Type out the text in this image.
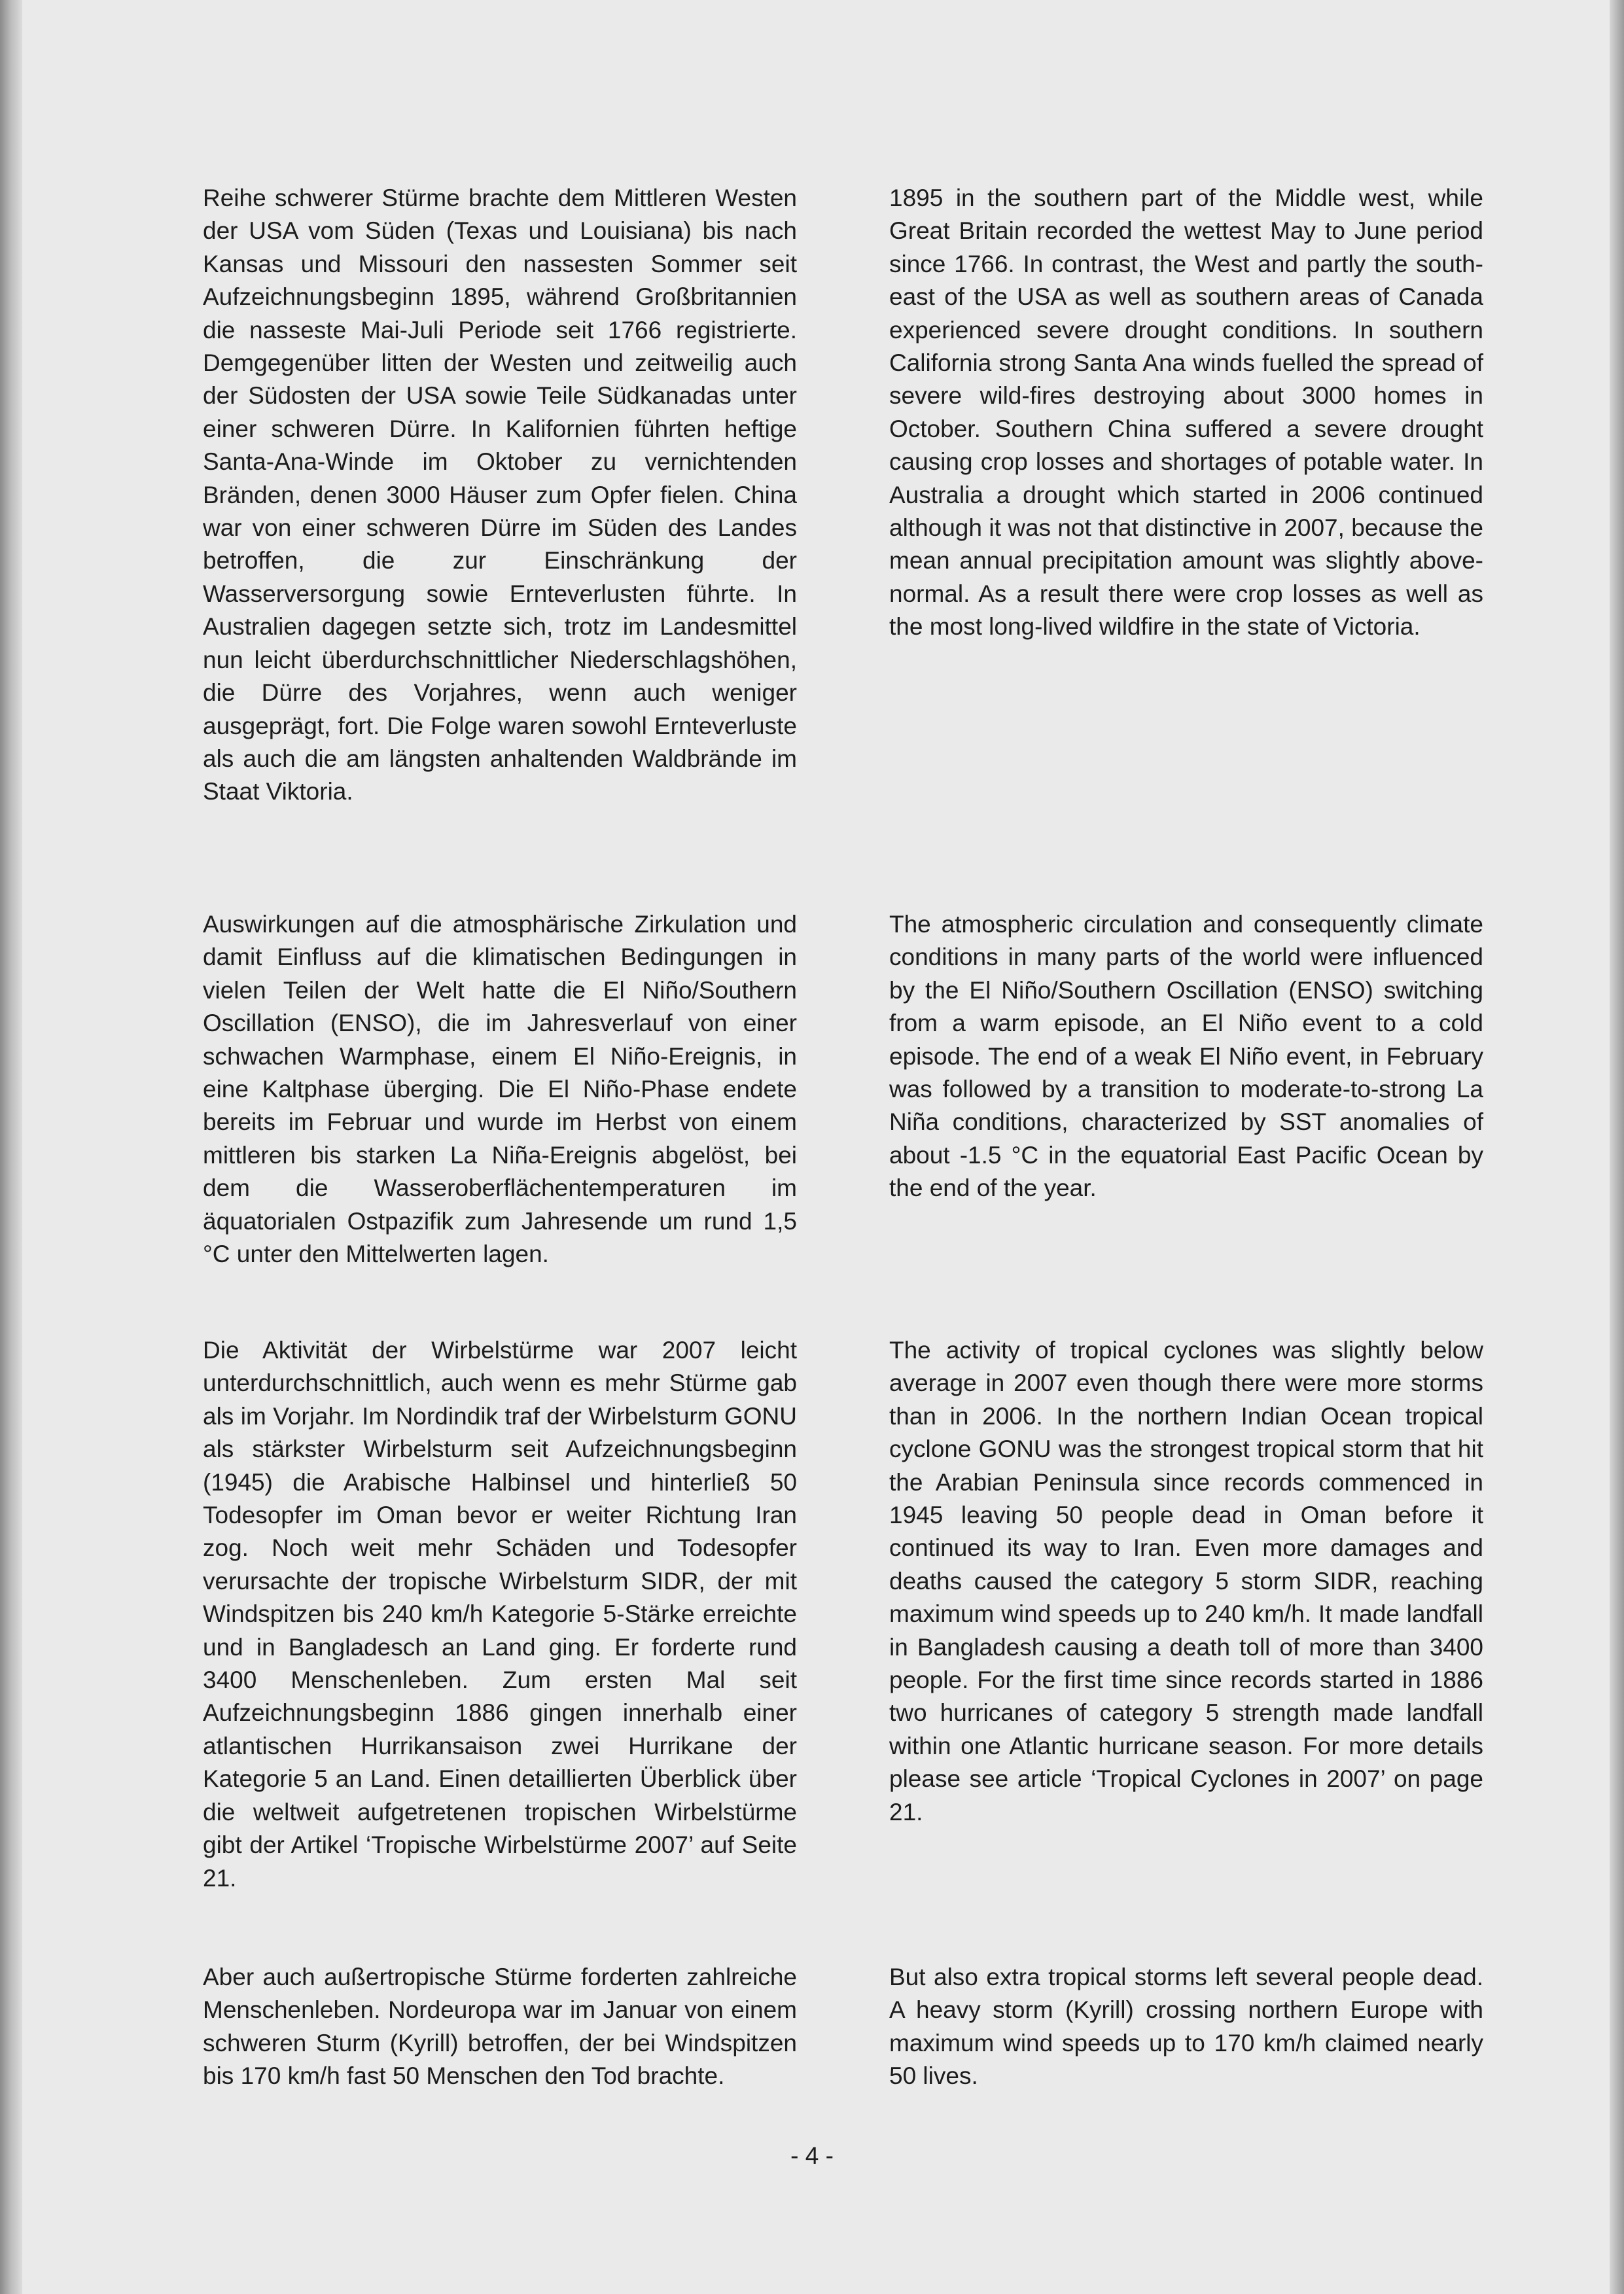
Reihe schwerer Stürme brachte dem Mittleren Westen der USA vom Süden (Texas und Louisiana) bis nach Kansas und Missouri den nassesten Sommer seit Aufzeichnungsbeginn 1895, während Großbritannien die nasseste Mai-Juli Periode seit 1766 registrierte. Demgegenüber litten der Westen und zeitweilig auch der Südosten der USA sowie Teile Südkanadas unter einer schweren Dürre. In Kalifornien führten heftige Santa-Ana-Winde im Oktober zu vernichtenden Bränden, denen 3000 Häuser zum Opfer fielen. China war von einer schweren Dürre im Süden des Landes betroffen, die zur Einschränkung der Wasserversorgung sowie Ernteverlusten führte. In Australien dagegen setzte sich, trotz im Landesmittel nun leicht überdurchschnittlicher Niederschlagshöhen, die Dürre des Vorjahres, wenn auch weniger ausgeprägt, fort. Die Folge waren sowohl Ernteverluste als auch die am längsten anhaltenden Waldbrände im Staat Viktoria.

Auswirkungen auf die atmosphärische Zirkulation und damit Einfluss auf die klimatischen Bedingungen in vielen Teilen der Welt hatte die El Niño/Southern Oscillation (ENSO), die im Jahresverlauf von einer schwachen Warmphase, einem El Niño-Ereignis, in eine Kaltphase überging. Die El Niño-Phase endete bereits im Februar und wurde im Herbst von einem mittleren bis starken La Niña-Ereignis abgelöst, bei dem die Wasseroberflächentemperaturen im äquatorialen Ostpazifik zum Jahresende um rund 1,5 °C unter den Mittelwerten lagen.

Die Aktivität der Wirbelstürme war 2007 leicht unterdurchschnittlich, auch wenn es mehr Stürme gab als im Vorjahr. Im Nordindik traf der Wirbelsturm GONU als stärkster Wirbelsturm seit Aufzeichnungsbeginn (1945) die Arabische Halbinsel und hinterließ 50 Todesopfer im Oman bevor er weiter Richtung Iran zog. Noch weit mehr Schäden und Todesopfer verursachte der tropische Wirbelsturm SIDR, der mit Windspitzen bis 240 km/h Kategorie 5-Stärke erreichte und in Bangladesch an Land ging. Er forderte rund 3400 Menschenleben. Zum ersten Mal seit Aufzeichnungsbeginn 1886 gingen innerhalb einer atlantischen Hurrikansaison zwei Hurrikane der Kategorie 5 an Land. Einen detaillierten Überblick über die weltweit aufgetretenen tropischen Wirbelstürme gibt der Artikel ‘Tropische Wirbelstürme 2007’ auf Seite 21.

Aber auch außertropische Stürme forderten zahlreiche Menschenleben. Nordeuropa war im Januar von einem schweren Sturm (Kyrill) betroffen, der bei Windspitzen bis 170 km/h fast 50 Menschen den Tod brachte.

1895 in the southern part of the Middle west, while Great Britain recorded the wettest May to June period since 1766. In contrast, the West and partly the south-east of the USA as well as southern areas of Canada experienced severe drought conditions. In southern California strong Santa Ana winds fuelled the spread of severe wild-fires destroying about 3000 homes in October. Southern China suffered a severe drought causing crop losses and shortages of potable water. In Australia a drought which started in 2006 continued although it was not that distinctive in 2007, because the mean annual precipitation amount was slightly above-normal. As a result there were crop losses as well as the most long-lived wildfire in the state of Victoria.

The atmospheric circulation and consequently climate conditions in many parts of the world were influenced by the El Niño/Southern Oscillation (ENSO) switching from a warm episode, an El Niño event to a cold episode. The end of a weak El Niño event, in February was followed by a transition to moderate-to-strong La Niña conditions, characterized by SST anomalies of about -1.5 °C in the equatorial East Pacific Ocean by the end of the year.

The activity of tropical cyclones was slightly below average in 2007 even though there were more storms than in 2006. In the northern Indian Ocean tropical cyclone GONU was the strongest tropical storm that hit the Arabian Peninsula since records commenced in 1945 leaving 50 people dead in Oman before it continued its way to Iran. Even more damages and deaths caused the category 5 storm SIDR, reaching maximum wind speeds up to 240 km/h. It made landfall in Bangladesh causing a death toll of more than 3400 people. For the first time since records started in 1886 two hurricanes of category 5 strength made landfall within one Atlantic hurricane season. For more details please see article ‘Tropical Cyclones in 2007’ on page 21.

But also extra tropical storms left several people dead. A heavy storm (Kyrill) crossing northern Europe with maximum wind speeds up to 170 km/h claimed nearly 50 lives.

- 4 -
